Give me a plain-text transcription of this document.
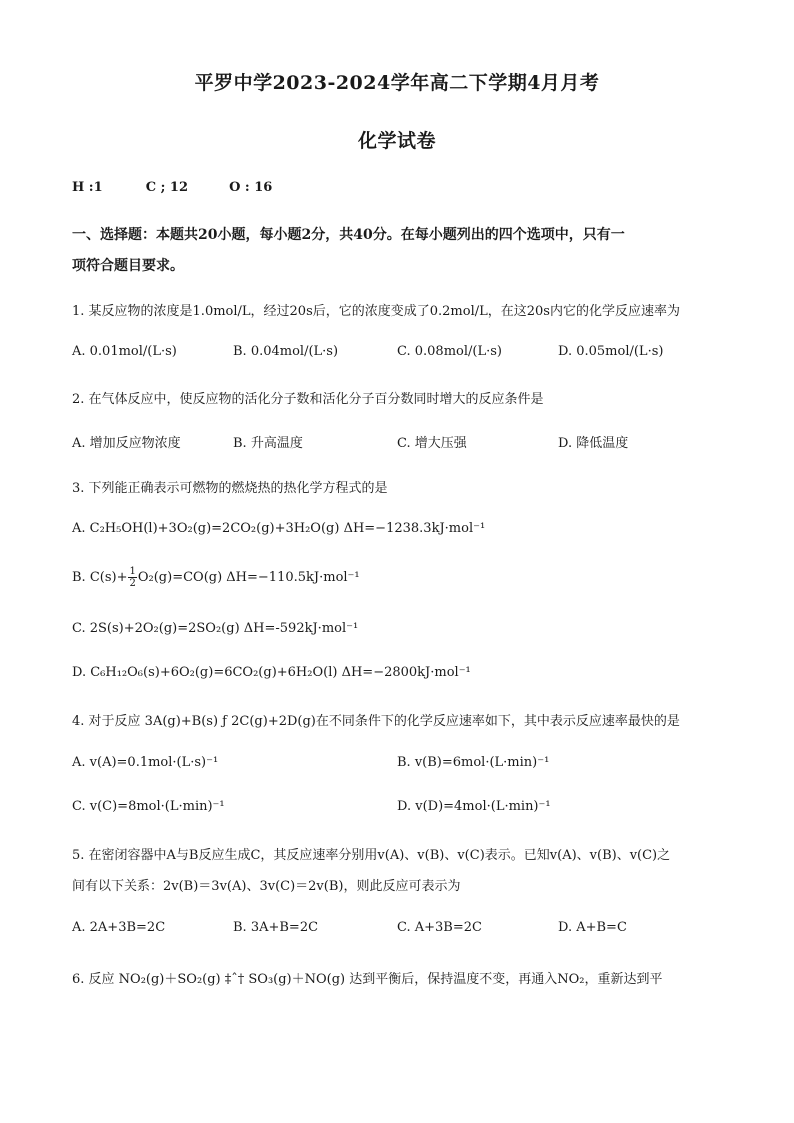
平罗中学2023-2024学年高二下学期4月月考
化学试卷
H :1	C ; 12	O : 16
一、选择题：本题共20小题，每小题2分，共40分。在每小题列出的四个选项中，只有一
项符合题目要求。
1. 某反应物的浓度是1.0mol/L，经过20s后，它的浓度变成了0.2mol/L，在这20s内它的化学反应速率为
A. 0.01mol/(L·s)	B. 0.04mol/(L·s)	C. 0.08mol/(L·s)	D. 0.05mol/(L·s)
2. 在气体反应中，使反应物的活化分子数和活化分子百分数同时增大的反应条件是
A. 增加反应物浓度	B. 升高温度	C. 增大压强	D. 降低温度
3. 下列能正确表示可燃物的燃烧热的热化学方程式的是
A. C₂H₅OH(l)+3O₂(g)=2CO₂(g)+3H₂O(g) ΔH=−1238.3kJ·mol⁻¹
B. $C(s)+ \frac{1}{2} O_2(g)=CO(g)$ ΔH=−110.5kJ·mol⁻¹
C. 2S(s)+2O₂(g)=2SO₂(g) ΔH=-592kJ·mol⁻¹
D. C₆H₁₂O₆(s)+6O₂(g)=6CO₂(g)+6H₂O(l) ΔH=−2800kJ·mol⁻¹
4. 对于反应 3A(g)+B(s) ƒ 2C(g)+2D(g)在不同条件下的化学反应速率如下，其中表示反应速率最快的是
A. v(A)=0.1mol·(L·s)⁻¹	B. v(B)=6mol·(L·min)⁻¹
C. v(C)=8mol·(L·min)⁻¹	D. v(D)=4mol·(L·min)⁻¹
5. 在密闭容器中A与B反应生成C，其反应速率分别用v(A)、v(B)、v(C)表示。已知v(A)、v(B)、v(C)之
间有以下关系：2v(B)＝3v(A)、3v(C)＝2v(B)，则此反应可表示为
A. 2A+3B=2C	B. 3A+B=2C	C. A+3B=2C	D. A+B=C
6. 反应 NO₂(g)＋SO₂(g) ‡ˆ† SO₃(g)＋NO(g) 达到平衡后，保持温度不变，再通入NO₂，重新达到平
